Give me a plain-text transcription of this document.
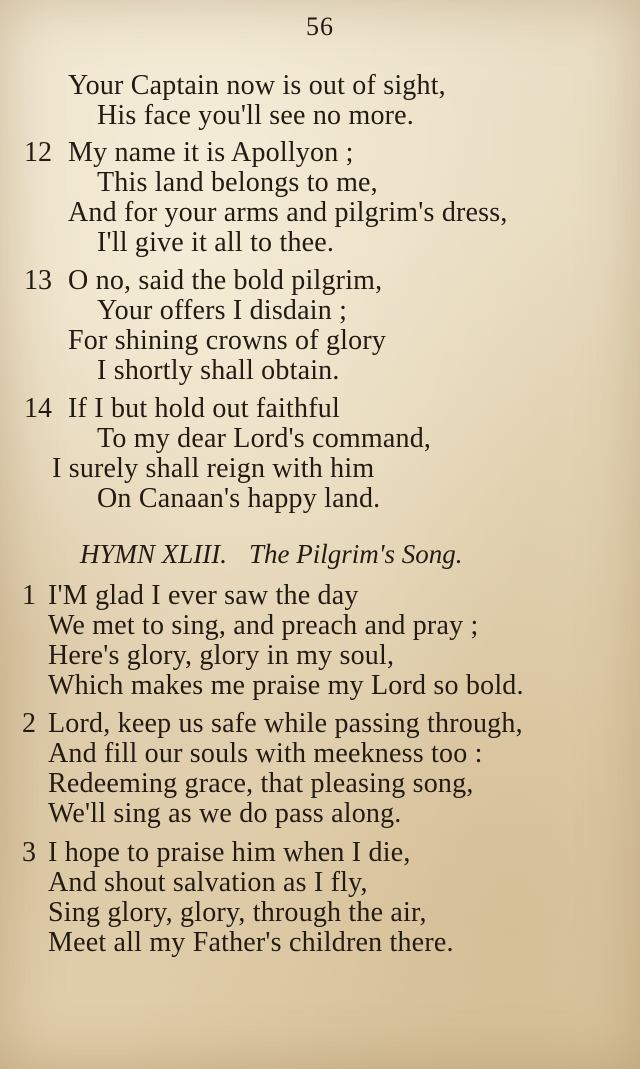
56
Your Captain now is out of sight,
His face you'll see no more.
12 My name it is Apollyon ;
This land belongs to me,
And for your arms and pilgrim's dress,
I'll give it all to thee.
13 O no, said the bold pilgrim,
Your offers I disdain ;
For shining crowns of glory
I shortly shall obtain.
14 If I but hold out faithful
To my dear Lord's command,
I surely shall reign with him
On Canaan's happy land.
HYMN XLIII. The Pilgrim's Song.
1 I'M glad I ever saw the day
We met to sing, and preach and pray ;
Here's glory, glory in my soul,
Which makes me praise my Lord so bold.
2 Lord, keep us safe while passing through,
And fill our souls with meekness too :
Redeeming grace, that pleasing song,
We'll sing as we do pass along.
3 I hope to praise him when I die,
And shout salvation as I fly,
Sing glory, glory, through the air,
Meet all my Father's children there.
